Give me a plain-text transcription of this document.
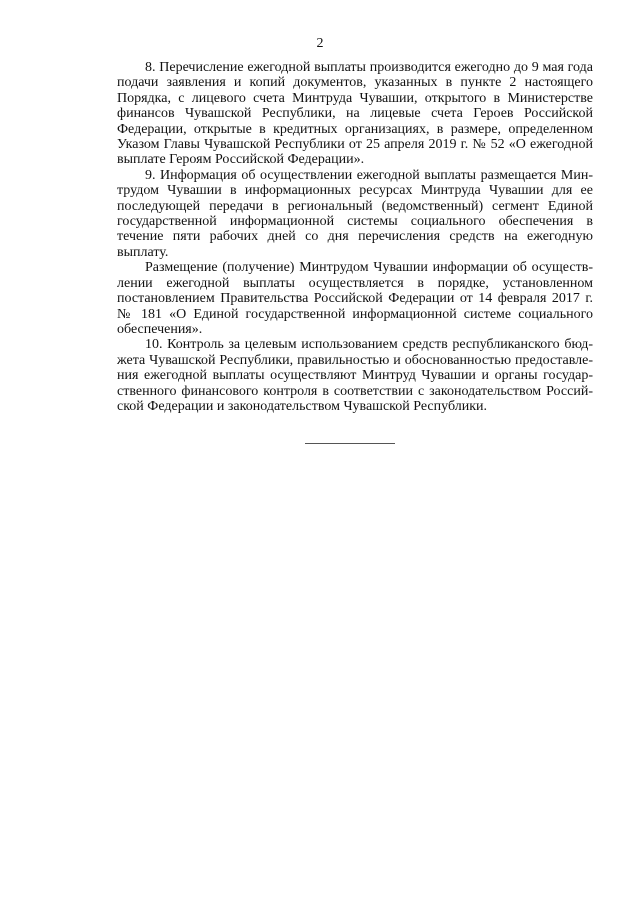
2

8. Перечисление ежегодной выплаты производится ежегодно до 9 мая года подачи заявления и копий документов, указанных в пункте 2 настоящего Порядка, с лицевого счета Минтруда Чувашии, открытого в Министерстве финансов Чувашской Республики, на лицевые счета Героев Российской Федерации, открытые в кредитных организациях, в размере, определенном Указом Главы Чувашской Республики от 25 апреля 2019 г. № 52 «О ежегодной выплате Героям Российской Федерации».

9. Информация об осуществлении ежегодной выплаты размещается Минтрудом Чувашии в информационных ресурсах Минтруда Чувашии для ее последующей передачи в региональный (ведомственный) сегмент Единой государственной информационной системы социального обеспечения в течение пяти рабочих дней со дня перечисления средств на ежегодную выплату.

Размещение (получение) Минтрудом Чувашии информации об осуществлении ежегодной выплаты осуществляется в порядке, установленном постановлением Правительства Российской Федерации от 14 февраля 2017 г. № 181 «О Единой государственной информационной системе социального обеспечения».

10. Контроль за целевым использованием средств республиканского бюджета Чувашской Республики, правильностью и обоснованностью предоставления ежегодной выплаты осуществляют Минтруд Чувашии и органы государственного финансового контроля в соответствии с законодательством Российской Федерации и законодательством Чувашской Республики.
